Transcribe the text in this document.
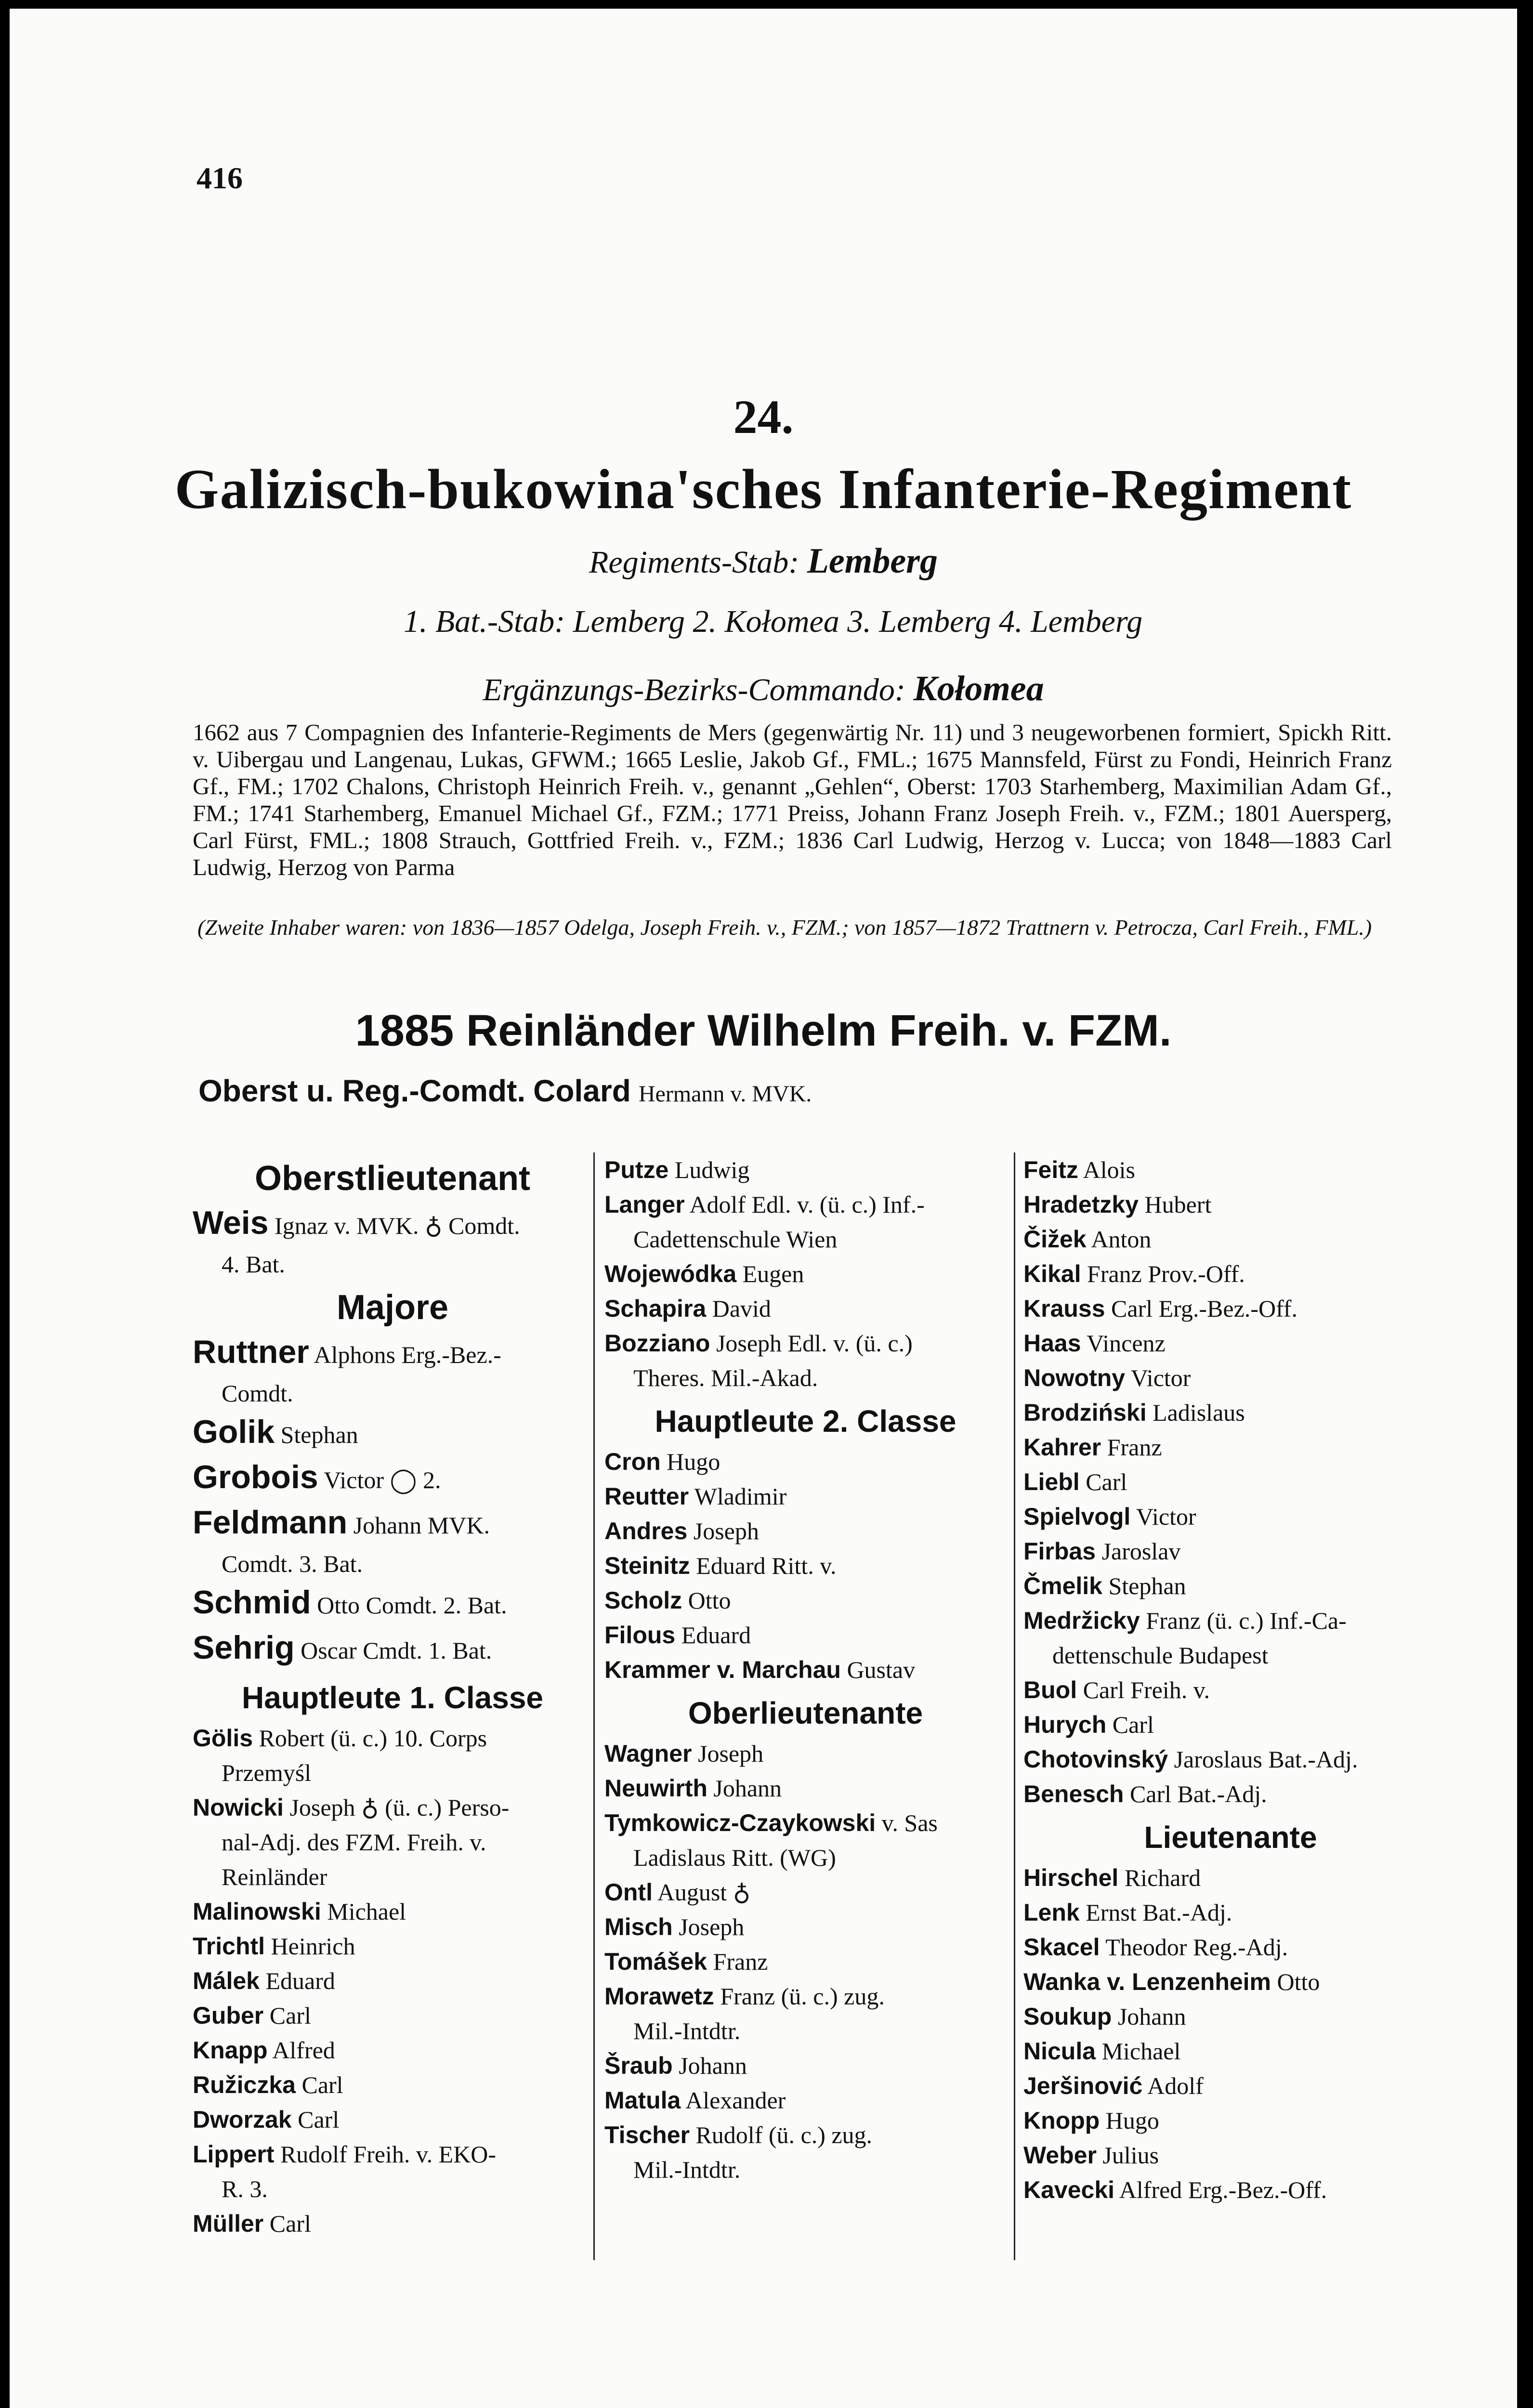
416
24.
Galizisch-bukowina'sches Infanterie-Regiment
Regiments-Stab: Lemberg
1. Bat.-Stab: Lemberg 2. Kołomea 3. Lemberg 4. Lemberg
Ergänzungs-Bezirks-Commando: Kołomea
1662 aus 7 Compagnien des Infanterie-Regiments de Mers (gegenwärtig Nr. 11) und 3 neugeworbenen formiert, Spickh Ritt. v. Uibergau und Langenau, Lukas, GFWM.; 1665 Leslie, Jakob Gf., FML.; 1675 Mannsfeld, Fürst zu Fondi, Heinrich Franz Gf., FM.; 1702 Chalons, Christoph Heinrich Freih. v., genannt „Gehlen“, Oberst: 1703 Starhemberg, Maximilian Adam Gf., FM.; 1741 Starhemberg, Emanuel Michael Gf., FZM.; 1771 Preiss, Johann Franz Joseph Freih. v., FZM.; 1801 Auersperg, Carl Fürst, FML.; 1808 Strauch, Gottfried Freih. v., FZM.; 1836 Carl Ludwig, Herzog v. Lucca; von 1848—1883 Carl Ludwig, Herzog von Parma
(Zweite Inhaber waren: von 1836—1857 Odelga, Joseph Freih. v., FZM.; von 1857—1872 Trattnern v. Petrocza, Carl Freih., FML.)
1885 Reinländer Wilhelm Freih. v. FZM.
Oberst u. Reg.-Comdt. Colard Hermann v. MVK.
Oberstlieutenant
Weis Ignaz v. MVK. ♁ Comdt.
4. Bat.
Majore
Ruttner Alphons Erg.-Bez.-
Comdt.
Golik Stephan
Grobois Victor ◯ 2.
Feldmann Johann MVK.
Comdt. 3. Bat.
Schmid Otto Comdt. 2. Bat.
Sehrig Oscar Cmdt. 1. Bat.
Hauptleute 1. Classe
Gölis Robert (ü. c.) 10. Corps
Przemyśl
Nowicki Joseph ♁ (ü. c.) Perso-
nal-Adj. des FZM. Freih. v. Reinländer
Malinowski Michael
Trichtl Heinrich
Málek Eduard
Guber Carl
Knapp Alfred
Ružiczka Carl
Dworzak Carl
Lippert Rudolf Freih. v. EKO-
R. 3.
Müller Carl
Putze Ludwig
Langer Adolf Edl. v. (ü. c.) Inf.-
Cadettenschule Wien
Wojewódka Eugen
Schapira David
Bozziano Joseph Edl. v. (ü. c.)
Theres. Mil.-Akad.
Hauptleute 2. Classe
Cron Hugo
Reutter Wladimir
Andres Joseph
Steinitz Eduard Ritt. v.
Scholz Otto
Filous Eduard
Krammer v. Marchau Gustav
Oberlieutenante
Wagner Joseph
Neuwirth Johann
Tymkowicz-Czaykowski v. Sas
Ladislaus Ritt. (WG)
Ontl August ♁
Misch Joseph
Tomášek Franz
Morawetz Franz (ü. c.) zug.
Mil.-Intdtr.
Šraub Johann
Matula Alexander
Tischer Rudolf (ü. c.) zug.
Mil.-Intdtr.
Feitz Alois
Hradetzky Hubert
Čižek Anton
Kikal Franz Prov.-Off.
Krauss Carl Erg.-Bez.-Off.
Haas Vincenz
Nowotny Victor
Brodziński Ladislaus
Kahrer Franz
Liebl Carl
Spielvogl Victor
Firbas Jaroslav
Čmelik Stephan
Medržicky Franz (ü. c.) Inf.-Ca-
dettenschule Budapest
Buol Carl Freih. v.
Hurych Carl
Chotovinský Jaroslaus Bat.-Adj.
Benesch Carl Bat.-Adj.
Lieutenante
Hirschel Richard
Lenk Ernst Bat.-Adj.
Skacel Theodor Reg.-Adj.
Wanka v. Lenzenheim Otto
Soukup Johann
Nicula Michael
Jeršinović Adolf
Knopp Hugo
Weber Julius
Kavecki Alfred Erg.-Bez.-Off.
